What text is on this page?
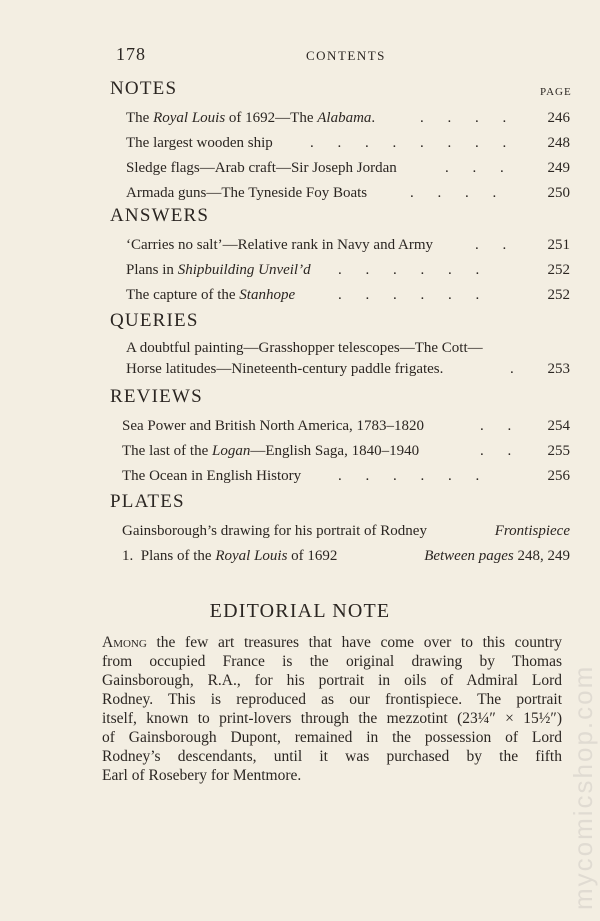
178	CONTENTS
PAGE
NOTES
The Royal Louis of 1692—The Alabama.	. . . . 246
The largest wooden ship . . . . . . . . 248
Sledge flags—Arab craft—Sir Joseph Jordan	. . . 249
Armada guns—The Tyneside Foy Boats	. . . .	250
ANSWERS
‘Carries no salt’—Relative rank in Navy and Army	. . 251
Plans in Shipbuilding Unveil’d . . . . . .	252
The capture of the Stanhope	. . . . . .	252
QUERIES
A doubtful painting—Grasshopper telescopes—The Cott—
Horse latitudes—Nineteenth-century paddle frigates.	. 253
REVIEWS
Sea Power and British North America, 1783–1820	. . 254
The last of the Logan—English Saga, 1840–1940	. . 255
The Ocean in English History . . . . . .	256
PLATES
Gainsborough’s drawing for his portrait of Rodney	Frontispiece
1. Plans of the Royal Louis of 1692	Between pages 248, 249
EDITORIAL NOTE
Among the few art treasures that have come over to this country
from occupied France is the original drawing by Thomas
Gainsborough, R.A., for his portrait in oils of Admiral Lord
Rodney. This is reproduced as our frontispiece. The portrait
itself, known to print-lovers through the mezzotint (23¼″ × 15½″)
of Gainsborough Dupont, remained in the possession of Lord
Rodney’s descendants, until it was purchased by the fifth
Earl of Rosebery for Mentmore.	mycomicshop.com
